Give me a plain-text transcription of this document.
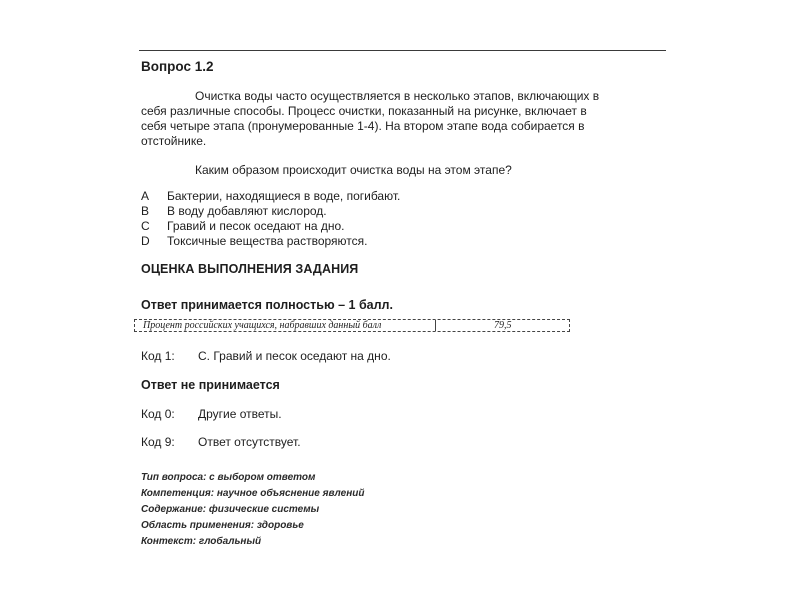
Вопрос 1.2
Очистка воды часто осуществляется в несколько этапов, включающих в
себя различные способы. Процесс очистки, показанный на рисунке, включает в
себя четыре этапа (пронумерованные 1-4). На втором этапе вода собирается в
отстойнике.
Каким образом происходит очистка воды на этом этапе?
A Бактерии, находящиеся в воде, погибают.
B В воду добавляют кислород.
C Гравий и песок оседают на дно.
D Токсичные вещества растворяются.
ОЦЕНКА ВЫПОЛНЕНИЯ ЗАДАНИЯ
Ответ принимается полностью – 1 балл.
Процент российских учащихся, набравших данный балл	79,5
Код 1: C. Гравий и песок оседают на дно.
Ответ не принимается
Код 0: Другие ответы.
Код 9: Ответ отсутствует.
Тип вопроса: с выбором ответом
Компетенция: научное объяснение явлений
Содержание: физические системы
Область применения: здоровье
Контекст: глобальный
